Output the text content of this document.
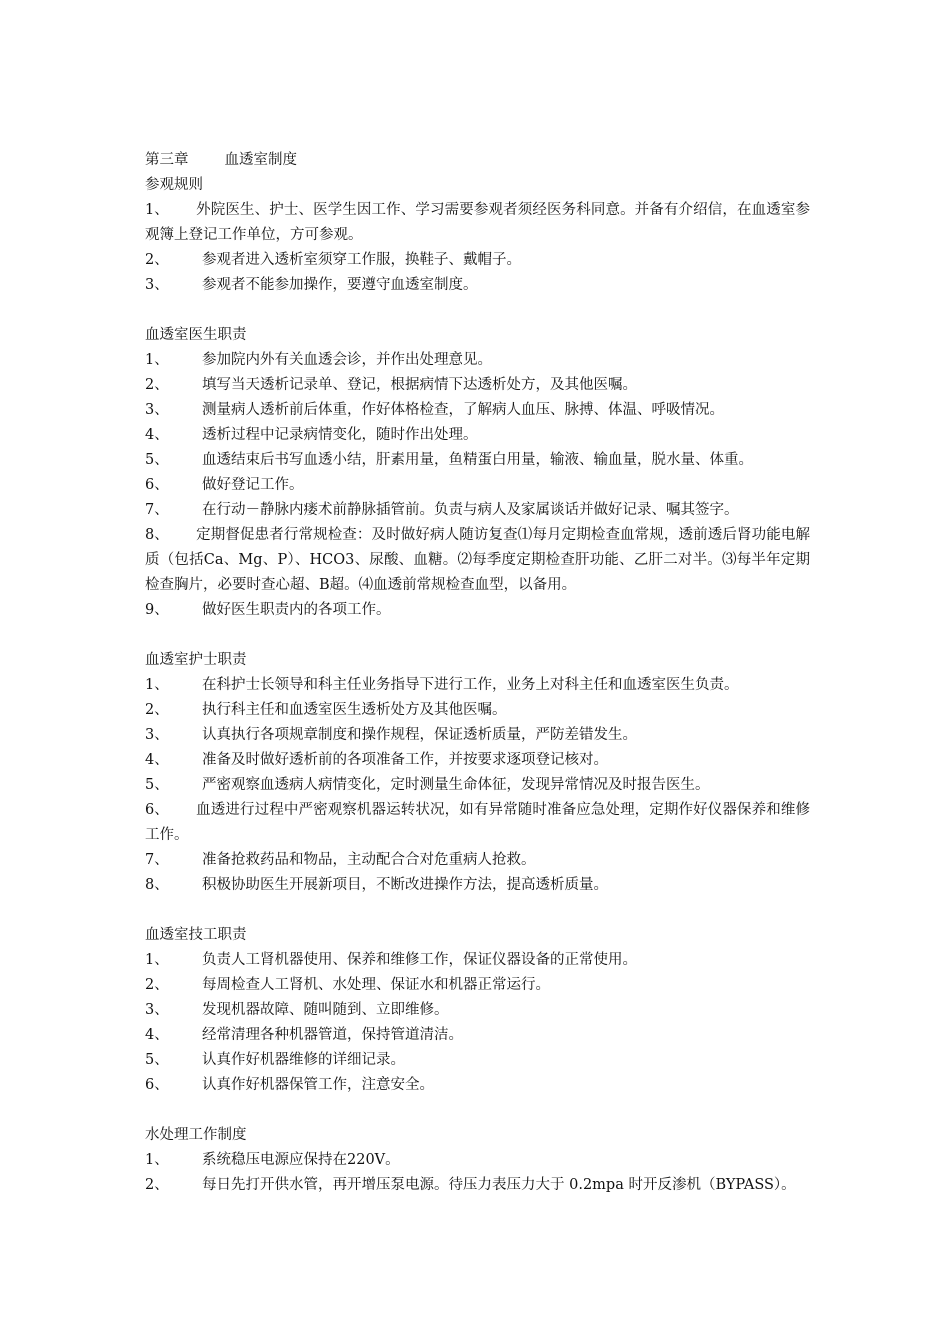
第三章 血透室制度
参观规则
1、 外院医生、护士、医学生因工作、学习需要参观者须经医务科同意。并备有介绍信，在血透室参观簿上登记工作单位，方可参观。
2、 参观者进入透析室须穿工作服，换鞋子、戴帽子。
3、 参观者不能参加操作，要遵守血透室制度。
血透室医生职责
1、 参加院内外有关血透会诊，并作出处理意见。
2、 填写当天透析记录单、登记，根据病情下达透析处方，及其他医嘱。
3、 测量病人透析前后体重，作好体格检查，了解病人血压、脉搏、体温、呼吸情况。
4、 透析过程中记录病情变化，随时作出处理。
5、 血透结束后书写血透小结，肝素用量，鱼精蛋白用量，输液、输血量，脱水量、体重。
6、 做好登记工作。
7、 在行动－静脉内瘘术前静脉插管前。负责与病人及家属谈话并做好记录、嘱其签字。
8、 定期督促患者行常规检查：及时做好病人随访复查⑴每月定期检查血常规，透前透后肾功能电解质（包括Ca、Mg、P）、HCO3、尿酸、血糖。⑵每季度定期检查肝功能、乙肝二对半。⑶每半年定期检查胸片，必要时查心超、B超。⑷血透前常规检查血型，以备用。
9、 做好医生职责内的各项工作。
血透室护士职责
1、 在科护士长领导和科主任业务指导下进行工作，业务上对科主任和血透室医生负责。
2、 执行科主任和血透室医生透析处方及其他医嘱。
3、 认真执行各项规章制度和操作规程，保证透析质量，严防差错发生。
4、 准备及时做好透析前的各项准备工作，并按要求逐项登记核对。
5、 严密观察血透病人病情变化，定时测量生命体征，发现异常情况及时报告医生。
6、 血透进行过程中严密观察机器运转状况，如有异常随时准备应急处理，定期作好仪器保养和维修工作。
7、 准备抢救药品和物品，主动配合合对危重病人抢救。
8、 积极协助医生开展新项目，不断改进操作方法，提高透析质量。
血透室技工职责
1、 负责人工肾机器使用、保养和维修工作，保证仪器设备的正常使用。
2、 每周检查人工肾机、水处理、保证水和机器正常运行。
3、 发现机器故障、随叫随到、立即维修。
4、 经常清理各种机器管道，保持管道清洁。
5、 认真作好机器维修的详细记录。
6、 认真作好机器保管工作，注意安全。
水处理工作制度
1、 系统稳压电源应保持在220V。
2、 每日先打开供水管，再开增压泵电源。待压力表压力大于 0.2mpa 时开反渗机（BYPASS）。
